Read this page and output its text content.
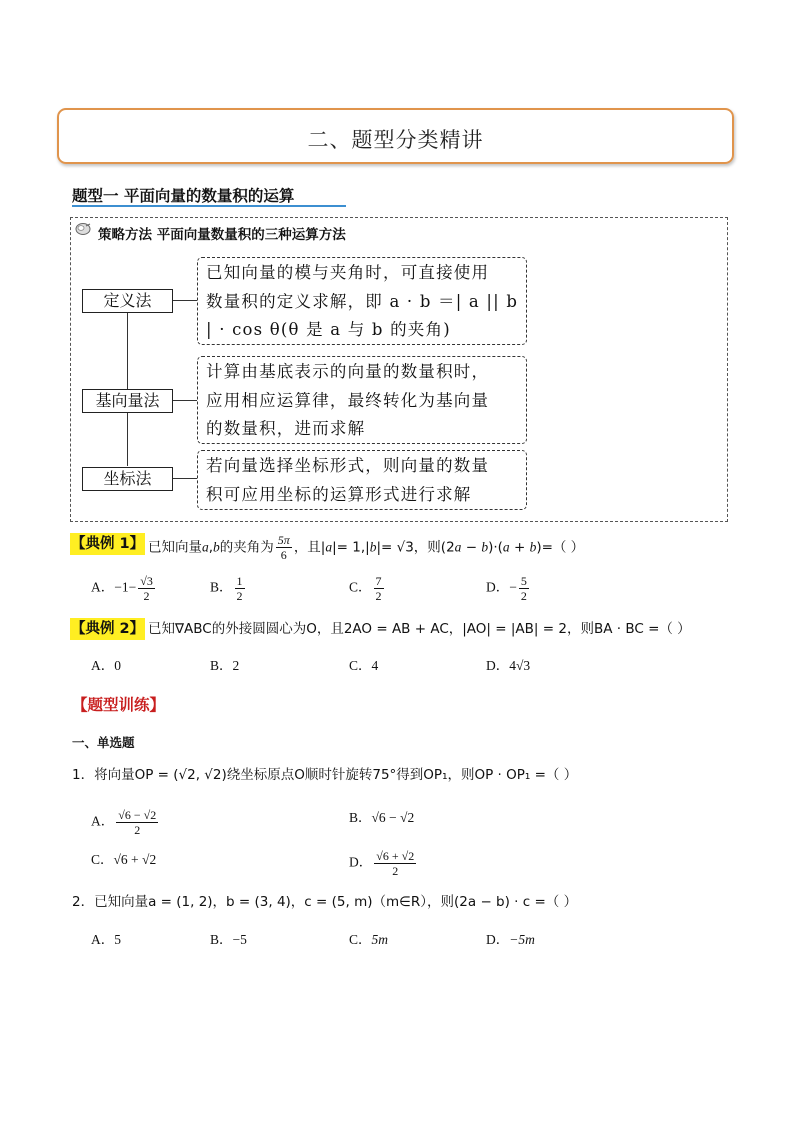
二、题型分类精讲
题型一 平面向量的数量积的运算
策略方法 平面向量数量积的三种运算方法
定义法
已知向量的模与夹角时，可直接使用
数量积的定义求解，即 a · b ＝| a || b
| · cos θ(θ 是 a 与 b 的夹角)
基向量法
计算由基底表示的向量的数量积时，
应用相应运算律，最终转化为基向量
的数量积，进而求解
坐标法
若向量选择坐标形式，则向量的数量
积可应用坐标的运算形式进行求解
【典例 1】 已知向量a,b的夹角为 $\frac{5\pi}{6}$ ，且|a|= 1,|b|= √3，则(2a − b)·(a + b)=（ ）
A．$-1- \frac{√3}{2}$	B． $\frac{1}{2}$	C． $\frac{7}{2}$	D．− $\frac{5}{2}$
【典例 2】 已知∇ABC的外接圆圆心为O，且2AO = AB + AC，|AO| = |AB| = 2，则BA · BC =（ ）
A．0	B．2	C．4	D．4√3
【题型训练】
一、单选题
1．将向量OP = (√2, √2)绕坐标原点O顺时针旋转75°得到OP₁，则OP · OP₁ =（ ）
A． $\frac{√6 - √2}{2}$	B．√6 − √2
C．√6 + √2	D． $\frac{√6 + √2}{2}$
2．已知向量a = (1, 2)，b = (3, 4)，c = (5, m)（m∈R），则(2a − b) · c =（ ）
A．5	B．−5	C．5m	D．−5m
